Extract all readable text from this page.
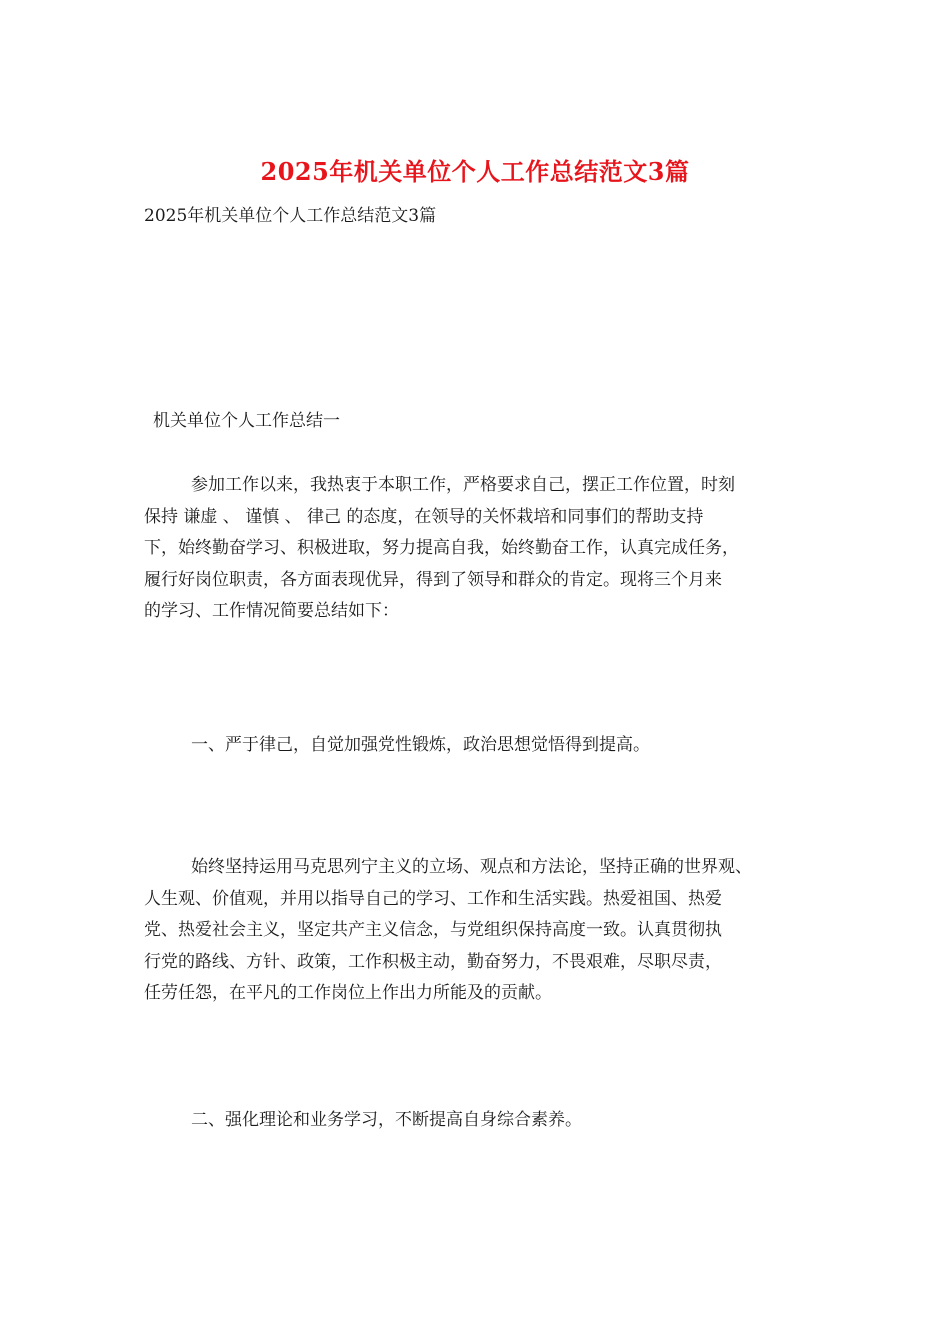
2025年机关单位个人工作总结范文3篇
2025年机关单位个人工作总结范文3篇
机关单位个人工作总结一

参加工作以来，我热衷于本职工作，严格要求自己，摆正工作位置，时刻
保持 谦虚 、 谨慎 、 律己 的态度，在领导的关怀栽培和同事们的帮助支持
下，始终勤奋学习、积极进取，努力提高自我，始终勤奋工作，认真完成任务，
履行好岗位职责，各方面表现优异，得到了领导和群众的肯定。现将三个月来
的学习、工作情况简要总结如下：

一、严于律己，自觉加强党性锻炼，政治思想觉悟得到提高。

始终坚持运用马克思列宁主义的立场、观点和方法论，坚持正确的世界观、
人生观、价值观，并用以指导自己的学习、工作和生活实践。热爱祖国、热爱
党、热爱社会主义，坚定共产主义信念，与党组织保持高度一致。认真贯彻执
行党的路线、方针、政策，工作积极主动，勤奋努力，不畏艰难，尽职尽责，
任劳任怨，在平凡的工作岗位上作出力所能及的贡献。

二、强化理论和业务学习，不断提高自身综合素养。
